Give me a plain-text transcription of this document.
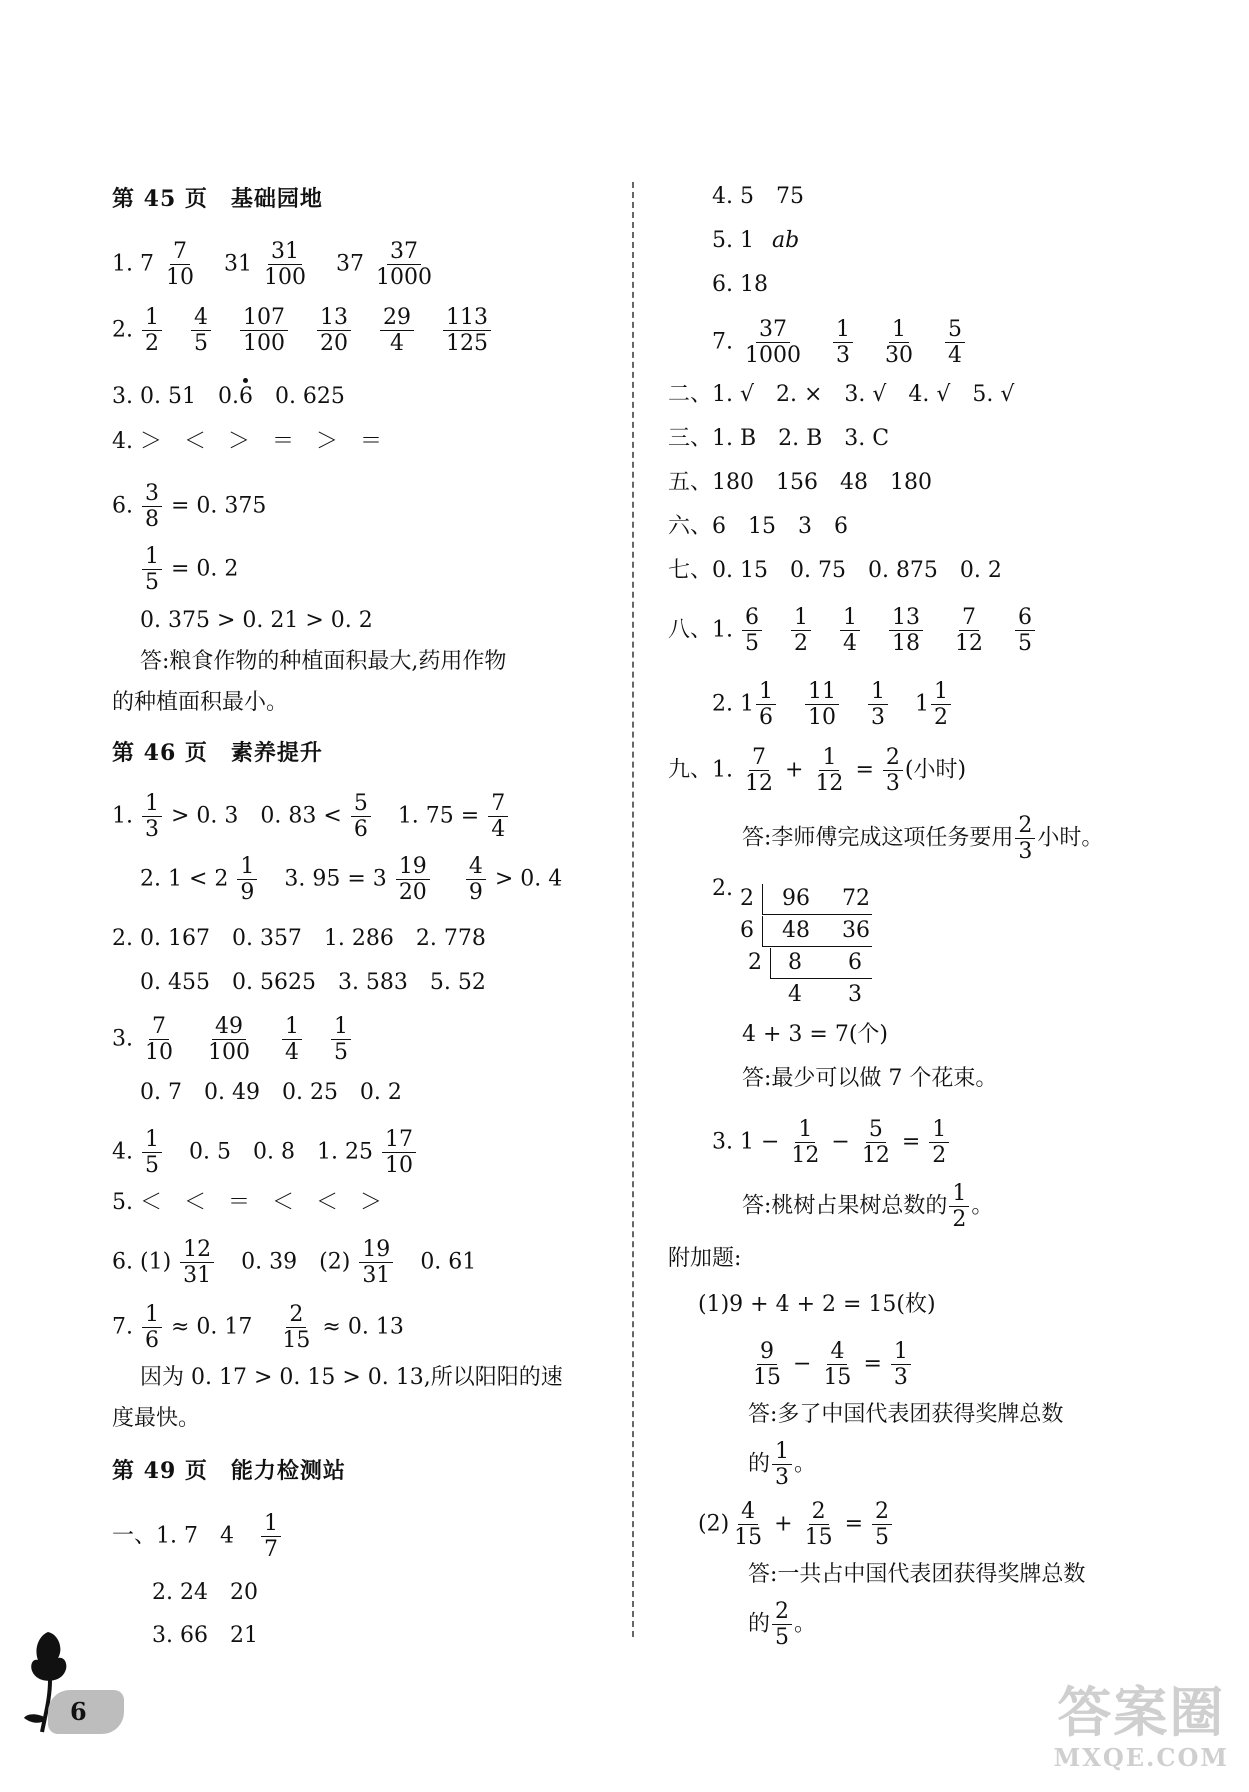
第 45 页　基础园地
1. $7 \frac{7}{10} 31 \frac{31}{100} 37 \frac{37}{1000}$
2. $\frac{1}{2}$
$\frac{4}{5}$
$\frac{107}{100}$
$\frac{13}{20}$
$\frac{29}{4}$
$\frac{113}{125}$
3. 0. 51　0.6　0. 625
4. ＞　＜　＞　＝　＞　＝
6. $\frac{3}{8} = 0$. 375
$\frac{1}{5} = 0$. 2
0. 375 > 0. 21 > 0. 2
答:粮食作物的种植面积最大,药用作物
的种植面积最小。
第 46 页　素养提升
1. $\frac{1}{3} > 0$. 3　0. $83 < \frac{5}{6} 1$. $75 = \frac{7}{4}$
2. $1 < 2 \frac{1}{9} 3$. $95 = 3 \frac{19}{20}$
$\frac{4}{9} > 0$. 4
2. 0. 167　0. 357　1. 286　2. 778
0. 455　0. 5625　3. 583　5. 52
3. $\frac{7}{10}$
$\frac{49}{100}$
$\frac{1}{4}$
$\frac{1}{5}$
0. 7　0. 49　0. 25　0. 2
4. $\frac{1}{5} 0$. 5　0. 8　1. $25 \frac{17}{10}$
5. ＜　＜　＝　＜　＜　＞
6. $(1) \frac{12}{31} 0$. 39　$(2) \frac{19}{31} 0$. 61
7. $\frac{1}{6} \approx 0$. $17 \frac{2}{15} \approx 0$. 13
因为 0. 17 > 0. 15 > 0. 13,所以阳阳的速
度最快。
第 49 页　能力检测站
一、1. 7　$4 \frac{1}{7}$
2. 24　20
3. 66　21
4. 5　75
5. 1 ab
6. 18
7. $\frac{37}{1000}$
$\frac{1}{3}$
$\frac{1}{30}$
$\frac{5}{4}$
二、1. √　2. ×　3. √　4. √　5. √
三、1. B　2. B　3. C
五、180　156　48　180
六、6　15　3　6
七、0. 15　0. 75　0. 875　0. 2
八、1. $\frac{6}{5}$
$\frac{1}{2}$
$\frac{1}{4}$
$\frac{13}{18}$
$\frac{7}{12}$
$\frac{6}{5}$
2. $1 \frac{1}{6}$
$\frac{11}{10}$
$\frac{1}{3} 1 \frac{1}{2}$
九、1. $\frac{7}{12} + \frac{1}{12} = \frac{2}{3}$ (小时)
答:李师傅完成这项任务要用 $\frac{2}{3}$ 小时。
2. 2 96 72
6 48 36
2 8 6
4 3
4 + 3 = 7(个)
答:最少可以做 7 个花束。
3. $1 - \frac{1}{12} - \frac{5}{12} = \frac{1}{2}$
答:桃树占果树总数的 $\frac{1}{2}$ 。
附加题:
(1)9 + 4 + 2 = 15(枚)
$\frac{9}{15} - \frac{4}{15} = \frac{1}{3}$
答:多了中国代表团获得奖牌总数
的 $\frac{1}{3}$ 。
$(2) \frac{4}{15} + \frac{2}{15} = \frac{2}{5}$
答:一共占中国代表团获得奖牌总数
的 $\frac{2}{5}$ 。
6	答案圈
MXQE.COM
